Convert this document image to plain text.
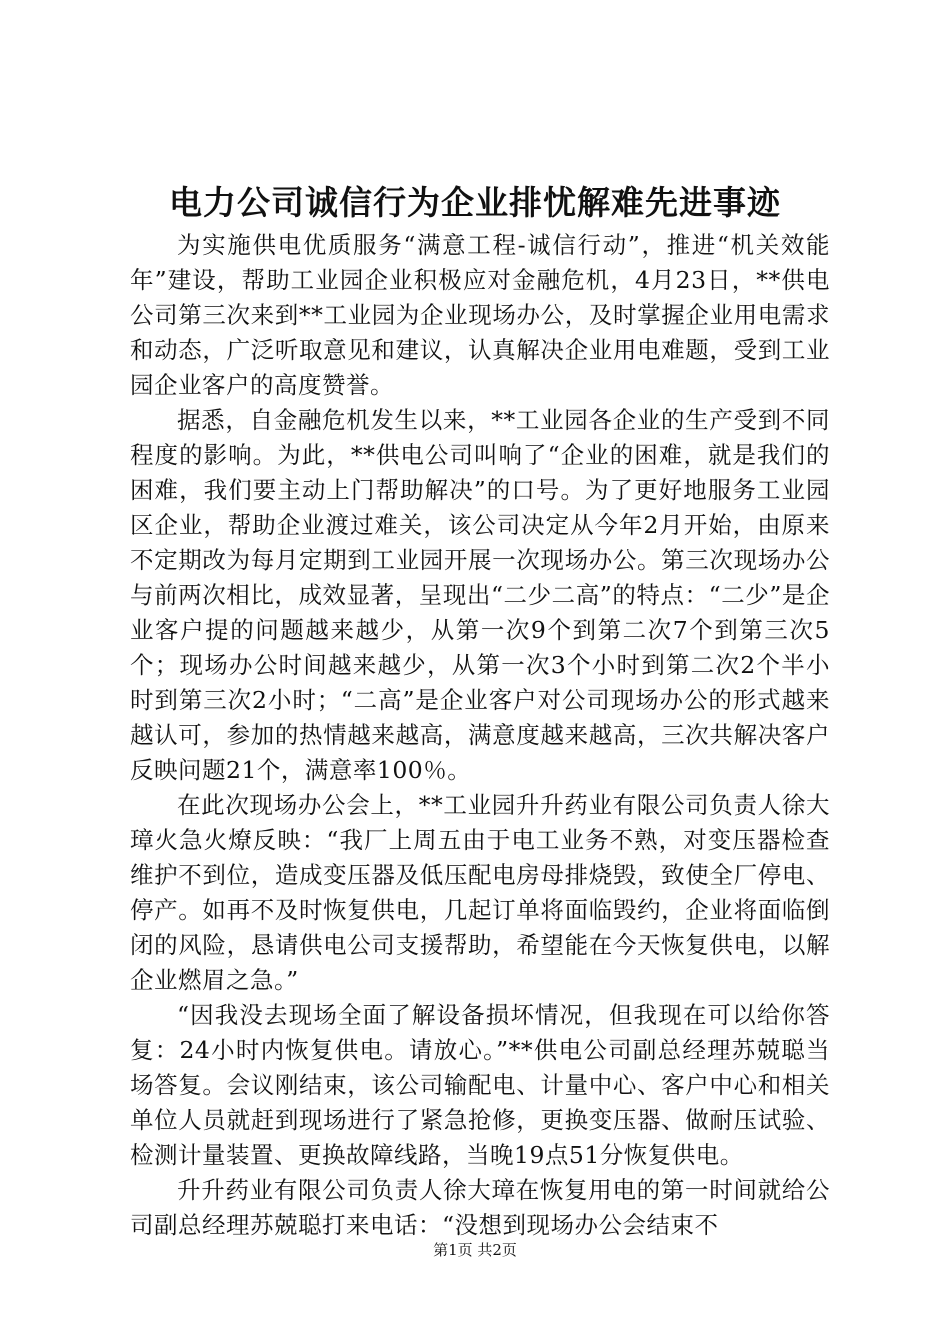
电力公司诚信行为企业排忧解难先进事迹

为实施供电优质服务“满意工程-诚信行动”，推进“机关效能年”建设，帮助工业园企业积极应对金融危机，4月23日，**供电公司第三次来到**工业园为企业现场办公，及时掌握企业用电需求和动态，广泛听取意见和建议，认真解决企业用电难题，受到工业园企业客户的高度赞誉。

据悉，自金融危机发生以来，**工业园各企业的生产受到不同程度的影响。为此，**供电公司叫响了“企业的困难，就是我们的困难，我们要主动上门帮助解决”的口号。为了更好地服务工业园区企业，帮助企业渡过难关，该公司决定从今年2月开始，由原来不定期改为每月定期到工业园开展一次现场办公。第三次现场办公与前两次相比，成效显著，呈现出“二少二高”的特点：“二少”是企业客户提的问题越来越少，从第一次9个到第二次7个到第三次5个；现场办公时间越来越少，从第一次3个小时到第二次2个半小时到第三次2小时；“二高”是企业客户对公司现场办公的形式越来越认可，参加的热情越来越高，满意度越来越高，三次共解决客户反映问题21个，满意率100％。

在此次现场办公会上，**工业园升升药业有限公司负责人徐大璋火急火燎反映：“我厂上周五由于电工业务不熟，对变压器检查维护不到位，造成变压器及低压配电房母排烧毁，致使全厂停电、停产。如再不及时恢复供电，几起订单将面临毁约，企业将面临倒闭的风险，恳请供电公司支援帮助，希望能在今天恢复供电，以解企业燃眉之急。”

“因我没去现场全面了解设备损坏情况，但我现在可以给你答复：24小时内恢复供电。请放心。”**供电公司副总经理苏兢聪当场答复。会议刚结束，该公司输配电、计量中心、客户中心和相关单位人员就赶到现场进行了紧急抢修，更换变压器、做耐压试验、检测计量装置、更换故障线路，当晚19点51分恢复供电。

升升药业有限公司负责人徐大璋在恢复用电的第一时间就给公司副总经理苏兢聪打来电话：“没想到现场办公会结束不

第1页 共2页
